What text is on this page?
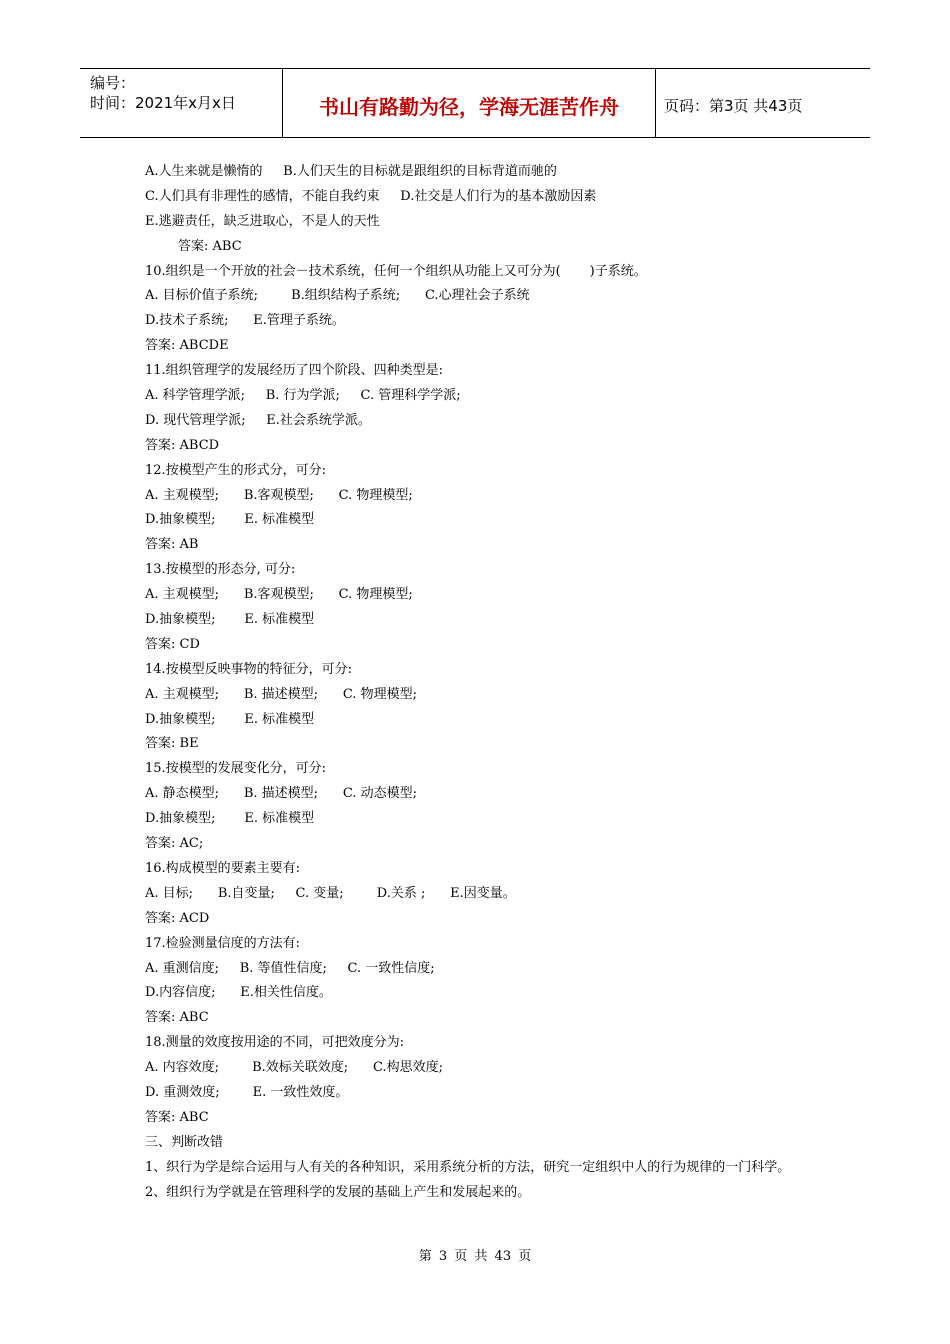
编号：
时间：2021年x月x日	书山有路勤为径，学海无涯苦作舟	页码：第3页 共43页
A.人生来就是懒惰的     B.人们天生的目标就是跟组织的目标背道而驰的
C.人们具有非理性的感情，不能自我约束     D.社交是人们行为的基本激励因素
E.逃避责任，缺乏进取心，不是人的天性
答案: ABC
10.组织是一个开放的社会－技术系统，任何一个组织从功能上又可分为(       )子系统。
A. 目标价值子系统;        B.组织结构子系统;      C.心理社会子系统
D.技术子系统;      E.管理子系统。
答案: ABCDE
11.组织管理学的发展经历了四个阶段、四种类型是:
A. 科学管理学派;     B. 行为学派;     C. 管理科学学派;
D. 现代管理学派;     E.社会系统学派。
答案: ABCD
12.按模型产生的形式分，可分:
A. 主观模型;      B.客观模型;      C. 物理模型;
D.抽象模型;       E. 标准模型
答案: AB
13.按模型的形态分, 可分:
A. 主观模型;      B.客观模型;      C. 物理模型;
D.抽象模型;       E. 标准模型
答案: CD
14.按模型反映事物的特征分，可分:
A. 主观模型;      B. 描述模型;      C. 物理模型;
D.抽象模型;       E. 标准模型
答案: BE
15.按模型的发展变化分，可分:
A. 静态模型;      B. 描述模型;      C. 动态模型;
D.抽象模型;       E. 标准模型
答案: AC;
16.构成模型的要素主要有:
A. 目标;      B.自变量;     C. 变量;        D.关系 ;      E.因变量。
答案: ACD
17.检验测量信度的方法有:
A. 重测信度;     B. 等值性信度;     C. 一致性信度;
D.内容信度;      E.相关性信度。
答案: ABC
18.测量的效度按用途的不同，可把效度分为:
A. 内容效度;        B.效标关联效度;      C.构思效度;
D. 重测效度;        E. 一致性效度。
答案: ABC
三、判断改错
1、织行为学是综合运用与人有关的各种知识，采用系统分析的方法，研究一定组织中人的行为规律的一门科学。
2、组织行为学就是在管理科学的发展的基础上产生和发展起来的。
第 3 页 共 43 页
